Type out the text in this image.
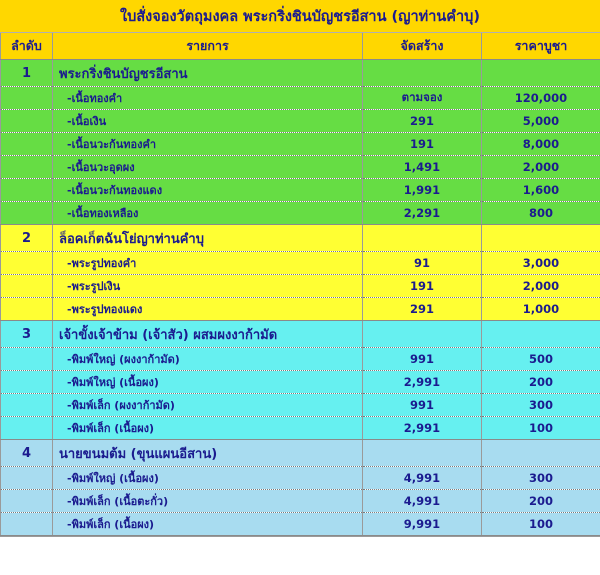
ใบสั่งจองวัตถุมงคล พระกริ่งชินบัญชรอีสาน (ญาท่านคำบุ)
ลำดับ	รายการ	จัดสร้าง	ราคาบูชา
1	พระกริ่งชินบัญชรอีสาน		
	-เนื้อทองคำ	ตามจอง	120,000
	-เนื้อเงิน	291	5,000
	-เนื้อนวะก้นทองคำ	191	8,000
	-เนื้อนวะอุดผง	1,491	2,000
	-เนื้อนวะก้นทองแดง	1,991	1,600
	-เนื้อทองเหลือง	2,291	800
2	ล็อคเก็ตฉันโย่ญาท่านคำบุ		
	-พระรูปทองคำ	91	3,000
	-พระรูปเงิน	191	2,000
	-พระรูปทองแดง	291	1,000
3	เจ้าขั้งเจ้าข้าม (เจ้าสัว) ผสมผงงาก้ามัด		
	-พิมพ์ใหญ่ (ผงงาก้ามัด)	991	500
	-พิมพ์ใหญ่ (เนื้อผง)	2,991	200
	-พิมพ์เล็ก (ผงงาก้ามัด)	991	300
	-พิมพ์เล็ก (เนื้อผง)	2,991	100
4	นายขนมต้ม (ขุนแผนอีสาน)		
	-พิมพ์ใหญ่ (เนื้อผง)	4,991	300
	-พิมพ์เล็ก (เนื้อตะกั่ว)	4,991	200
	-พิมพ์เล็ก (เนื้อผง)	9,991	100
